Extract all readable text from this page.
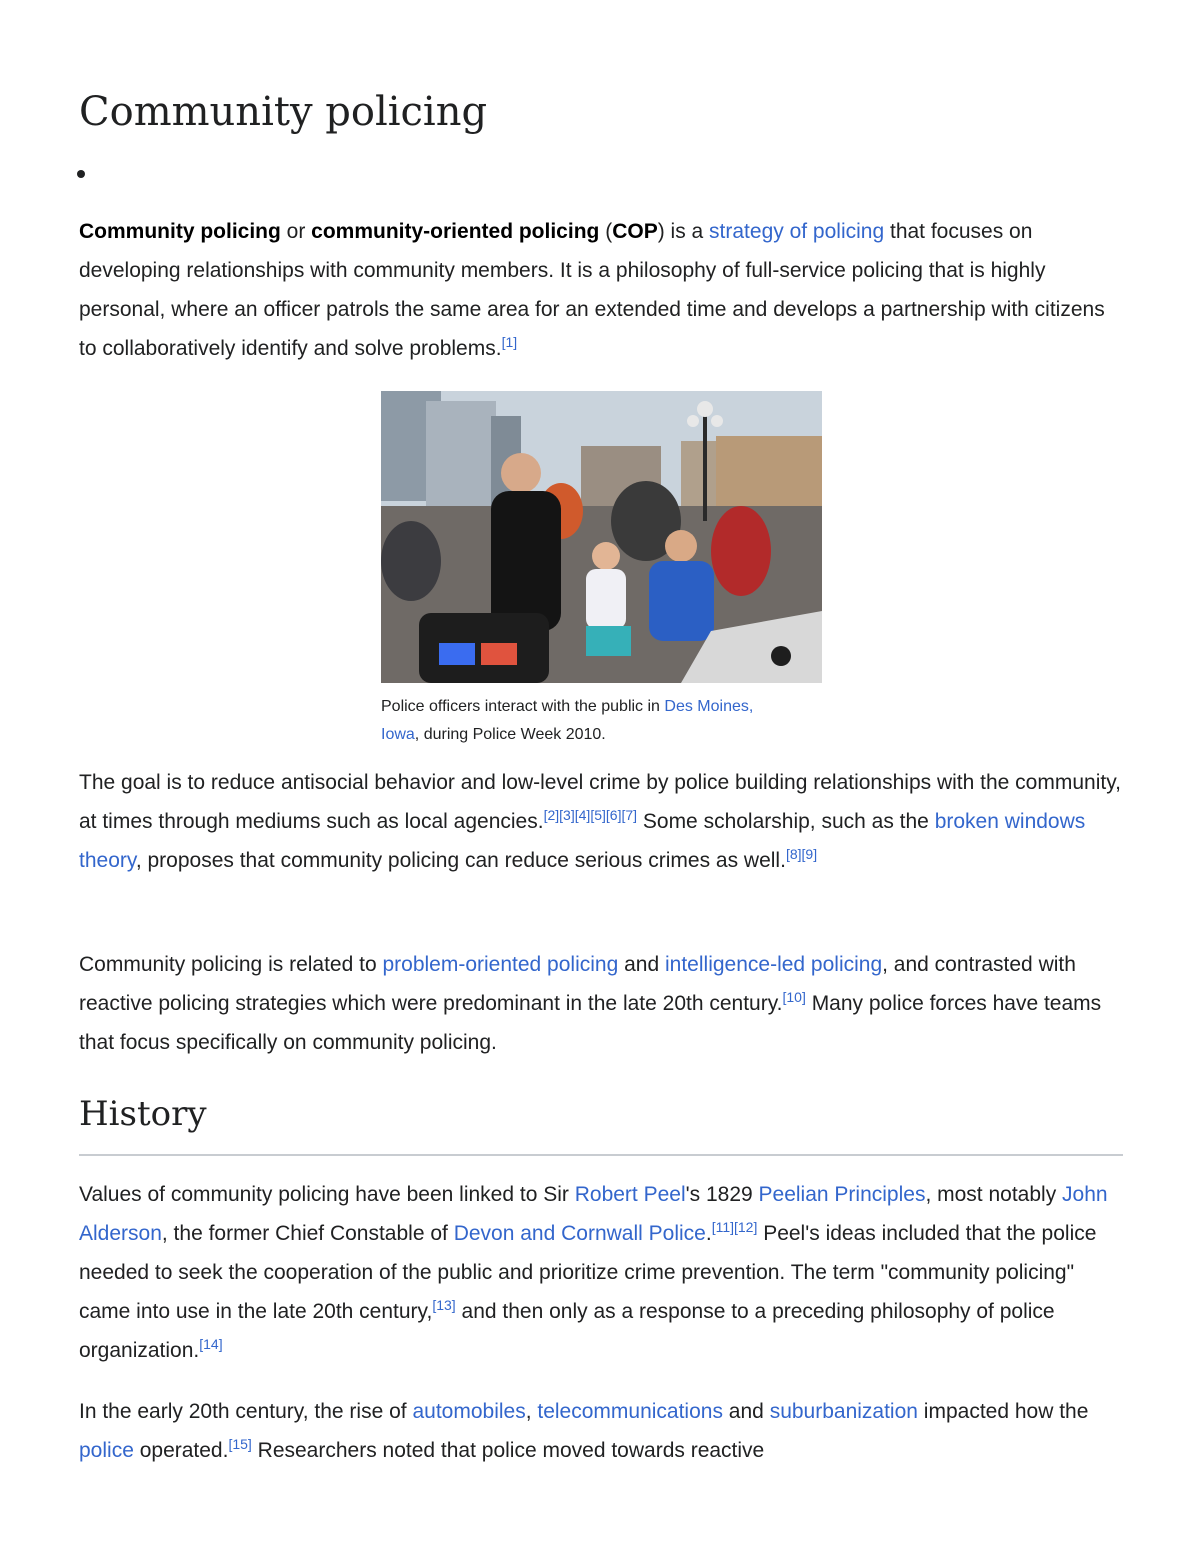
Community policing

Community policing or community-oriented policing (COP) is a strategy of policing that focuses on developing relationships with community members. It is a philosophy of full-service policing that is highly personal, where an officer patrols the same area for an extended time and develops a partnership with citizens to collaboratively identify and solve problems.[1]

Police officers interact with the public in Des Moines, Iowa, during Police Week 2010.

The goal is to reduce antisocial behavior and low-level crime by police building relationships with the community, at times through mediums such as local agencies.[2][3][4][5][6][7] Some scholarship, such as the broken windows theory, proposes that community policing can reduce serious crimes as well.[8][9]

Community policing is related to problem-oriented policing and intelligence-led policing, and contrasted with reactive policing strategies which were predominant in the late 20th century.[10] Many police forces have teams that focus specifically on community policing.

History

Values of community policing have been linked to Sir Robert Peel's 1829 Peelian Principles, most notably John Alderson, the former Chief Constable of Devon and Cornwall Police.[11][12] Peel's ideas included that the police needed to seek the cooperation of the public and prioritize crime prevention. The term "community policing" came into use in the late 20th century,[13] and then only as a response to a preceding philosophy of police organization.[14]

In the early 20th century, the rise of automobiles, telecommunications and suburbanization impacted how the police operated.[15] Researchers noted that police moved towards reactive
